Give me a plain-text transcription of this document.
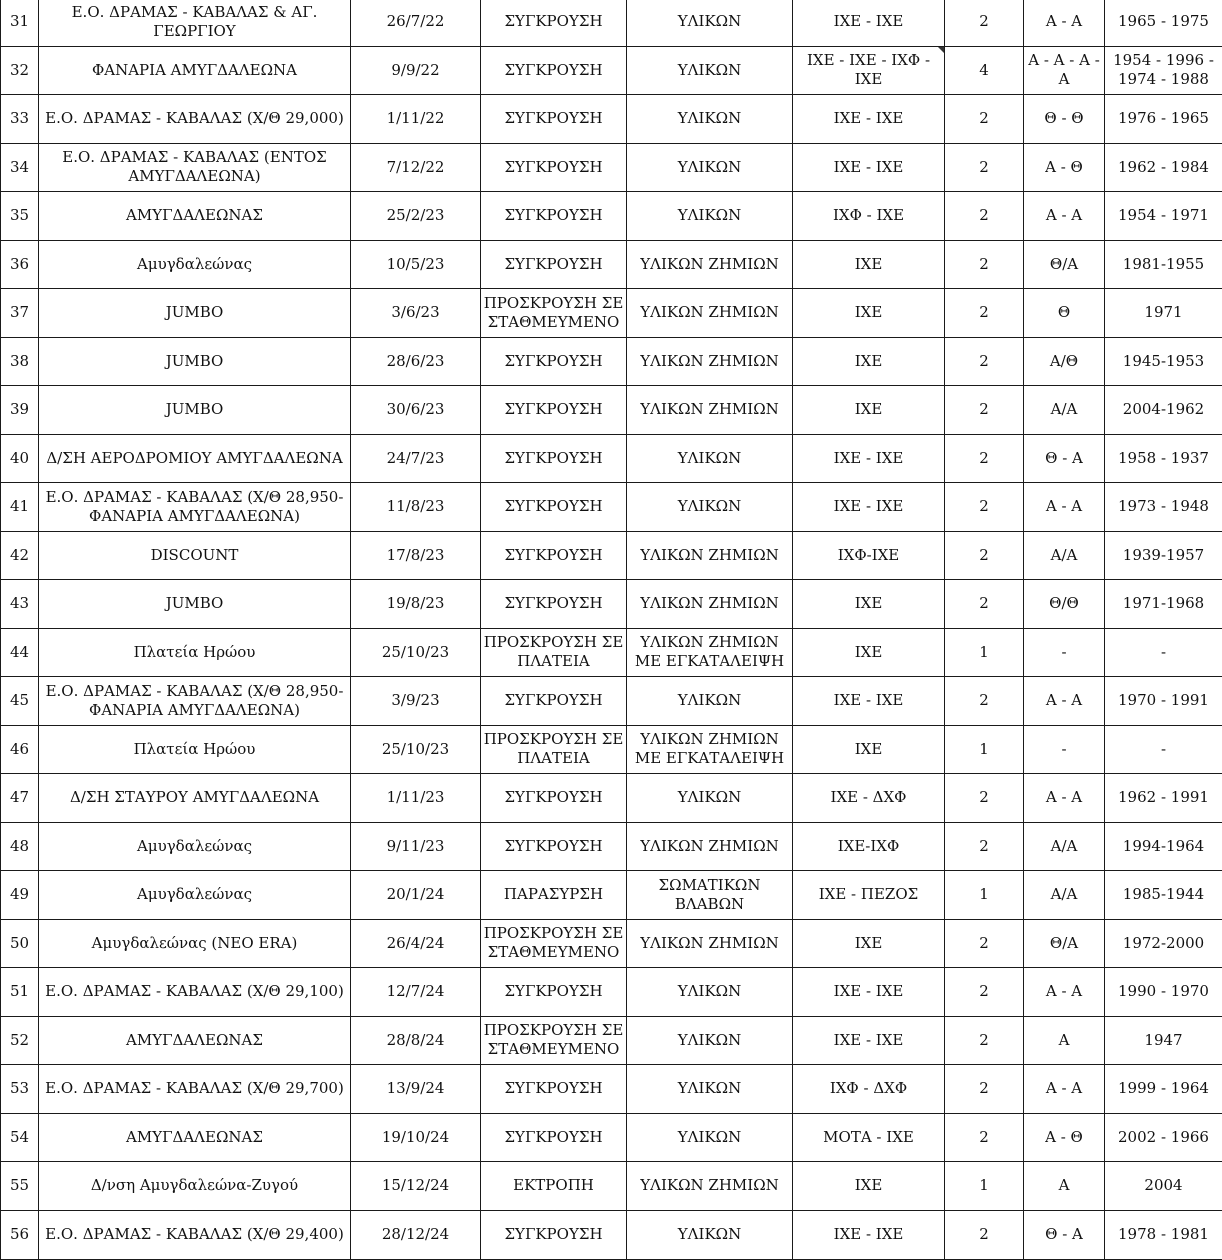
31	Ε.Ο. ΔΡΑΜΑΣ - ΚΑΒΑΛΑΣ & ΑΓ. ΓΕΩΡΓΙΟΥ	26/7/22	ΣΥΓΚΡΟΥΣΗ	ΥΛΙΚΩΝ	ΙΧΕ - ΙΧΕ	2	Α - Α	1965 - 1975
32	ΦΑΝΑΡΙΑ ΑΜΥΓΔΑΛΕΩΝΑ	9/9/22	ΣΥΓΚΡΟΥΣΗ	ΥΛΙΚΩΝ	ΙΧΕ - ΙΧΕ - ΙΧΦ - ΙΧΕ	4	Α - Α - Α - Α	1954 - 1996 - 1974 - 1988
33	Ε.Ο. ΔΡΑΜΑΣ - ΚΑΒΑΛΑΣ (Χ/Θ 29,000)	1/11/22	ΣΥΓΚΡΟΥΣΗ	ΥΛΙΚΩΝ	ΙΧΕ - ΙΧΕ	2	Θ - Θ	1976 - 1965
34	Ε.Ο. ΔΡΑΜΑΣ - ΚΑΒΑΛΑΣ (ΕΝΤΟΣ ΑΜΥΓΔΑΛΕΩΝΑ)	7/12/22	ΣΥΓΚΡΟΥΣΗ	ΥΛΙΚΩΝ	ΙΧΕ - ΙΧΕ	2	Α - Θ	1962 - 1984
35	ΑΜΥΓΔΑΛΕΩΝΑΣ	25/2/23	ΣΥΓΚΡΟΥΣΗ	ΥΛΙΚΩΝ	ΙΧΦ - ΙΧΕ	2	Α - Α	1954 - 1971
36	Αμυγδαλεώνας	10/5/23	ΣΥΓΚΡΟΥΣΗ	ΥΛΙΚΩΝ ΖΗΜΙΩΝ	ΙΧΕ	2	Θ/Α	1981-1955
37	JUMBO	3/6/23	ΠΡΟΣΚΡΟΥΣΗ ΣΕ ΣΤΑΘΜΕΥΜΕΝΟ	ΥΛΙΚΩΝ ΖΗΜΙΩΝ	ΙΧΕ	2	Θ	1971
38	JUMBO	28/6/23	ΣΥΓΚΡΟΥΣΗ	ΥΛΙΚΩΝ ΖΗΜΙΩΝ	ΙΧΕ	2	Α/Θ	1945-1953
39	JUMBO	30/6/23	ΣΥΓΚΡΟΥΣΗ	ΥΛΙΚΩΝ ΖΗΜΙΩΝ	ΙΧΕ	2	Α/Α	2004-1962
40	Δ/ΣΗ ΑΕΡΟΔΡΟΜΙΟΥ ΑΜΥΓΔΑΛΕΩΝΑ	24/7/23	ΣΥΓΚΡΟΥΣΗ	ΥΛΙΚΩΝ	ΙΧΕ - ΙΧΕ	2	Θ - Α	1958 - 1937
41	Ε.Ο. ΔΡΑΜΑΣ - ΚΑΒΑΛΑΣ (Χ/Θ 28,950- ΦΑΝΑΡΙΑ ΑΜΥΓΔΑΛΕΩΝΑ)	11/8/23	ΣΥΓΚΡΟΥΣΗ	ΥΛΙΚΩΝ	ΙΧΕ - ΙΧΕ	2	Α - Α	1973 - 1948
42	DISCOUNT	17/8/23	ΣΥΓΚΡΟΥΣΗ	ΥΛΙΚΩΝ ΖΗΜΙΩΝ	ΙΧΦ-ΙΧΕ	2	Α/Α	1939-1957
43	JUMBO	19/8/23	ΣΥΓΚΡΟΥΣΗ	ΥΛΙΚΩΝ ΖΗΜΙΩΝ	ΙΧΕ	2	Θ/Θ	1971-1968
44	Πλατεία Ηρώου	25/10/23	ΠΡΟΣΚΡΟΥΣΗ ΣΕ ΠΛΑΤΕΙΑ	ΥΛΙΚΩΝ ΖΗΜΙΩΝ ΜΕ ΕΓΚΑΤΑΛΕΙΨΗ	ΙΧΕ	1	-	-
45	Ε.Ο. ΔΡΑΜΑΣ - ΚΑΒΑΛΑΣ (Χ/Θ 28,950- ΦΑΝΑΡΙΑ ΑΜΥΓΔΑΛΕΩΝΑ)	3/9/23	ΣΥΓΚΡΟΥΣΗ	ΥΛΙΚΩΝ	ΙΧΕ - ΙΧΕ	2	Α - Α	1970 - 1991
46	Πλατεία Ηρώου	25/10/23	ΠΡΟΣΚΡΟΥΣΗ ΣΕ ΠΛΑΤΕΙΑ	ΥΛΙΚΩΝ ΖΗΜΙΩΝ ΜΕ ΕΓΚΑΤΑΛΕΙΨΗ	ΙΧΕ	1	-	-
47	Δ/ΣΗ ΣΤΑΥΡΟΥ ΑΜΥΓΔΑΛΕΩΝΑ	1/11/23	ΣΥΓΚΡΟΥΣΗ	ΥΛΙΚΩΝ	ΙΧΕ - ΔΧΦ	2	Α - Α	1962 - 1991
48	Αμυγδαλεώνας	9/11/23	ΣΥΓΚΡΟΥΣΗ	ΥΛΙΚΩΝ ΖΗΜΙΩΝ	ΙΧΕ-ΙΧΦ	2	Α/Α	1994-1964
49	Αμυγδαλεώνας	20/1/24	ΠΑΡΑΣΥΡΣΗ	ΣΩΜΑΤΙΚΩΝ ΒΛΑΒΩΝ	ΙΧΕ - ΠΕΖΟΣ	1	Α/Α	1985-1944
50	Αμυγδαλεώνας (ΝΕΟ ERA)	26/4/24	ΠΡΟΣΚΡΟΥΣΗ ΣΕ ΣΤΑΘΜΕΥΜΕΝΟ	ΥΛΙΚΩΝ ΖΗΜΙΩΝ	ΙΧΕ	2	Θ/Α	1972-2000
51	Ε.Ο. ΔΡΑΜΑΣ - ΚΑΒΑΛΑΣ (Χ/Θ 29,100)	12/7/24	ΣΥΓΚΡΟΥΣΗ	ΥΛΙΚΩΝ	ΙΧΕ - ΙΧΕ	2	Α - Α	1990 - 1970
52	ΑΜΥΓΔΑΛΕΩΝΑΣ	28/8/24	ΠΡΟΣΚΡΟΥΣΗ ΣΕ ΣΤΑΘΜΕΥΜΕΝΟ	ΥΛΙΚΩΝ	ΙΧΕ - ΙΧΕ	2	Α	1947
53	Ε.Ο. ΔΡΑΜΑΣ - ΚΑΒΑΛΑΣ (Χ/Θ 29,700)	13/9/24	ΣΥΓΚΡΟΥΣΗ	ΥΛΙΚΩΝ	ΙΧΦ - ΔΧΦ	2	Α - Α	1999 - 1964
54	ΑΜΥΓΔΑΛΕΩΝΑΣ	19/10/24	ΣΥΓΚΡΟΥΣΗ	ΥΛΙΚΩΝ	ΜΟΤΑ - ΙΧΕ	2	Α - Θ	2002 - 1966
55	Δ/νση Αμυγδαλεώνα-Ζυγού	15/12/24	ΕΚΤΡΟΠΗ	ΥΛΙΚΩΝ ΖΗΜΙΩΝ	ΙΧΕ	1	Α	2004
56	Ε.Ο. ΔΡΑΜΑΣ - ΚΑΒΑΛΑΣ (Χ/Θ 29,400)	28/12/24	ΣΥΓΚΡΟΥΣΗ	ΥΛΙΚΩΝ	ΙΧΕ - ΙΧΕ	2	Θ - Α	1978 - 1981
